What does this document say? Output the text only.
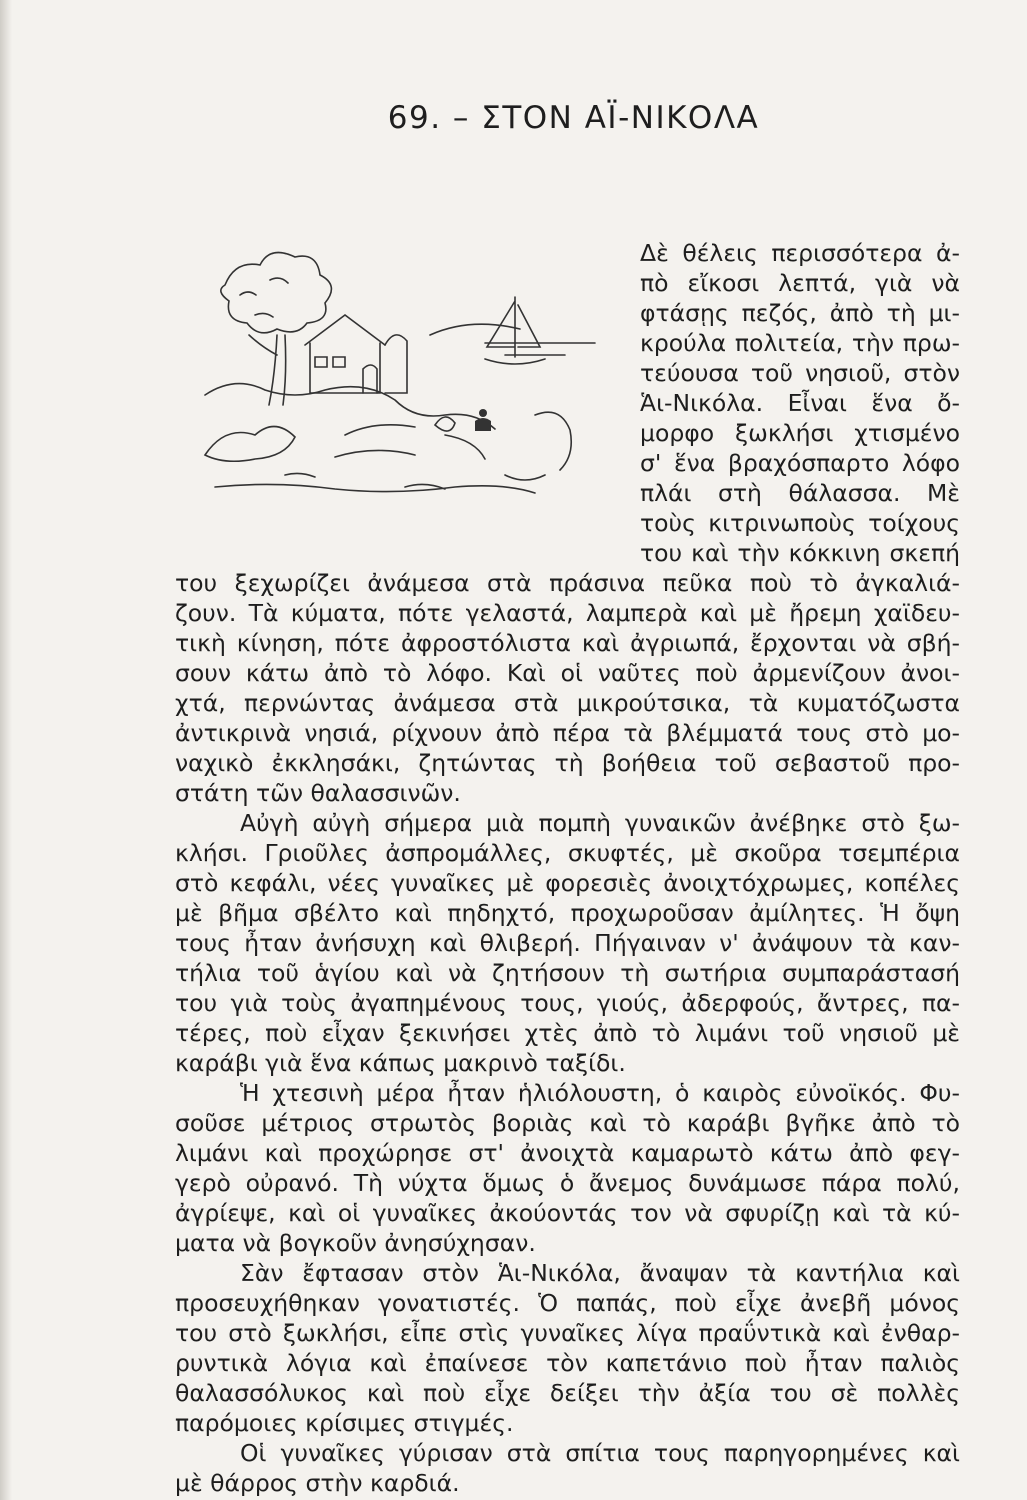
69. – ΣΤΟΝ ΑΪ-ΝΙΚΟΛΑ
Δὲ θέλεις περισσότερα ἀ-
πὸ εἴκοσι λεπτά, γιὰ νὰ
φτάσῃς πεζός, ἀπὸ τὴ μι-
κρούλα πολιτεία, τὴν πρω-
τεύουσα τοῦ νησιοῦ, στὸν
Ἁι-Νικόλα. Εἶναι ἕνα ὄ-
μορφο ξωκλήσι χτισμένο
σ' ἕνα βραχόσπαρτο λόφο
πλάι στὴ θάλασσα. Μὲ
τοὺς κιτρινωποὺς τοίχους
του καὶ τὴν κόκκινη σκεπή
του ξεχωρίζει ἀνάμεσα στὰ πράσινα πεῦκα ποὺ τὸ ἀγκαλιά-
ζουν. Τὰ κύματα, πότε γελαστά, λαμπερὰ καὶ μὲ ἤρεμη χαϊδευ-
τικὴ κίνηση, πότε ἀφροστόλιστα καὶ ἀγριωπά, ἔρχονται νὰ σβή-
σουν κάτω ἀπὸ τὸ λόφο. Καὶ οἱ ναῦτες ποὺ ἀρμενίζουν ἀνοι-
χτά, περνώντας ἀνάμεσα στὰ μικρούτσικα, τὰ κυματόζωστα
ἀντικρινὰ νησιά, ρίχνουν ἀπὸ πέρα τὰ βλέμματά τους στὸ μο-
ναχικὸ ἐκκλησάκι, ζητώντας τὴ βοήθεια τοῦ σεβαστοῦ προ-
στάτη τῶν θαλασσινῶν.
Αὐγὴ αὐγὴ σήμερα μιὰ πομπὴ γυναικῶν ἀνέβηκε στὸ ξω-
κλήσι. Γριοῦλες ἀσπρομάλλες, σκυφτές, μὲ σκοῦρα τσεμπέρια
στὸ κεφάλι, νέες γυναῖκες μὲ φορεσιὲς ἀνοιχτόχρωμες, κοπέλες
μὲ βῆμα σβέλτο καὶ πηδηχτό, προχωροῦσαν ἀμίλητες. Ἡ ὄψη
τους ἦταν ἀνήσυχη καὶ θλιβερή. Πήγαιναν ν' ἀνάψουν τὰ καν-
τήλια τοῦ ἁγίου καὶ νὰ ζητήσουν τὴ σωτήρια συμπαράστασή
του γιὰ τοὺς ἀγαπημένους τους, γιούς, ἀδερφούς, ἄντρες, πα-
τέρες, ποὺ εἶχαν ξεκινήσει χτὲς ἀπὸ τὸ λιμάνι τοῦ νησιοῦ μὲ
καράβι γιὰ ἕνα κάπως μακρινὸ ταξίδι.
Ἡ χτεσινὴ μέρα ἦταν ἡλιόλουστη, ὁ καιρὸς εὐνοϊκός. Φυ-
σοῦσε μέτριος στρωτὸς βοριὰς καὶ τὸ καράβι βγῆκε ἀπὸ τὸ
λιμάνι καὶ προχώρησε στ' ἀνοιχτὰ καμαρωτὸ κάτω ἀπὸ φεγ-
γερὸ οὐρανό. Τὴ νύχτα ὅμως ὁ ἄνεμος δυνάμωσε πάρα πολύ,
ἀγρίεψε, καὶ οἱ γυναῖκες ἀκούοντάς τον νὰ σφυρίζῃ καὶ τὰ κύ-
ματα νὰ βογκοῦν ἀνησύχησαν.
Σὰν ἔφτασαν στὸν Ἁι-Νικόλα, ἄναψαν τὰ καντήλια καὶ
προσευχήθηκαν γονατιστές. Ὁ παπάς, ποὺ εἶχε ἀνεβῆ μόνος
του στὸ ξωκλήσι, εἶπε στὶς γυναῖκες λίγα πραΰντικὰ καὶ ἐνθαρ-
ρυντικὰ λόγια καὶ ἐπαίνεσε τὸν καπετάνιο ποὺ ἦταν παλιὸς
θαλασσόλυκος καὶ ποὺ εἶχε δείξει τὴν ἀξία του σὲ πολλὲς
παρόμοιες κρίσιμες στιγμές.
Οἱ γυναῖκες γύρισαν στὰ σπίτια τους παρηγορημένες καὶ
μὲ θάρρος στὴν καρδιά.
